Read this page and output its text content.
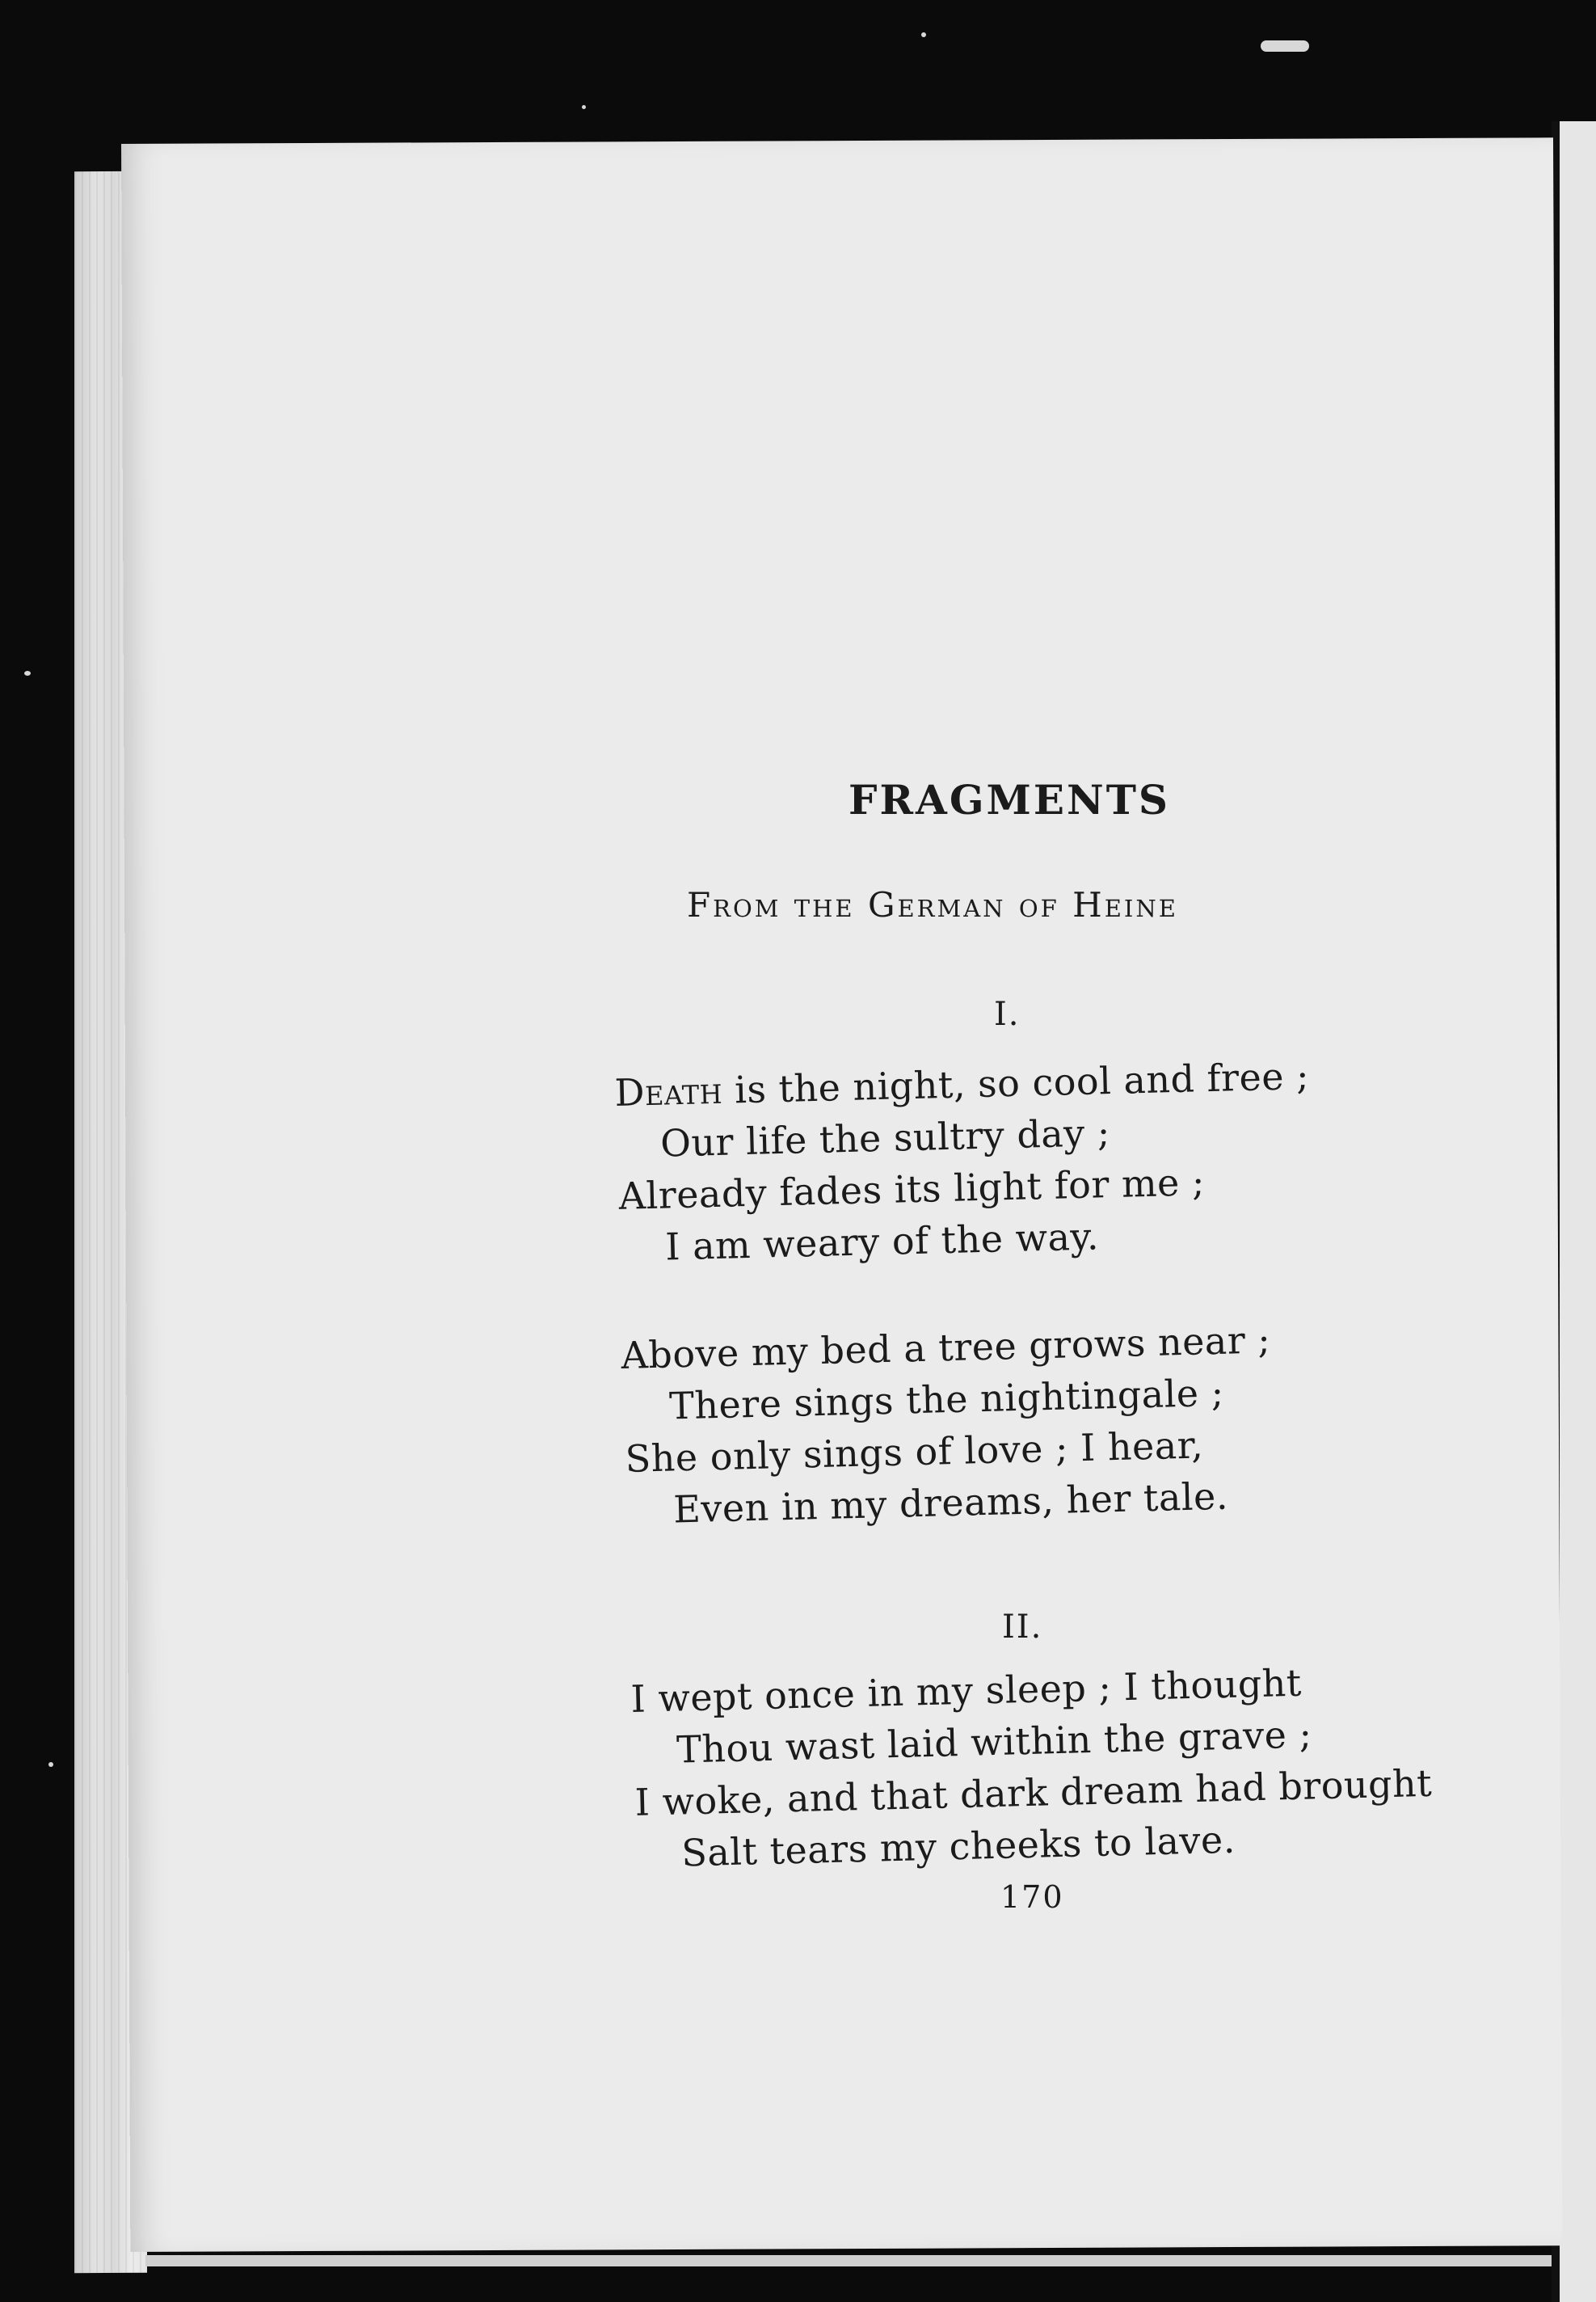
FRAGMENTS
From the German of Heine
I.
Death is the night, so cool and free ;
Our life the sultry day ;
Already fades its light for me ;
I am weary of the way.
Above my bed a tree grows near ;
There sings the nightingale ;
She only sings of love ; I hear,
Even in my dreams, her tale.
II.
I wept once in my sleep ; I thought
Thou wast laid within the grave ;
I woke, and that dark dream had brought
Salt tears my cheeks to lave.
170
